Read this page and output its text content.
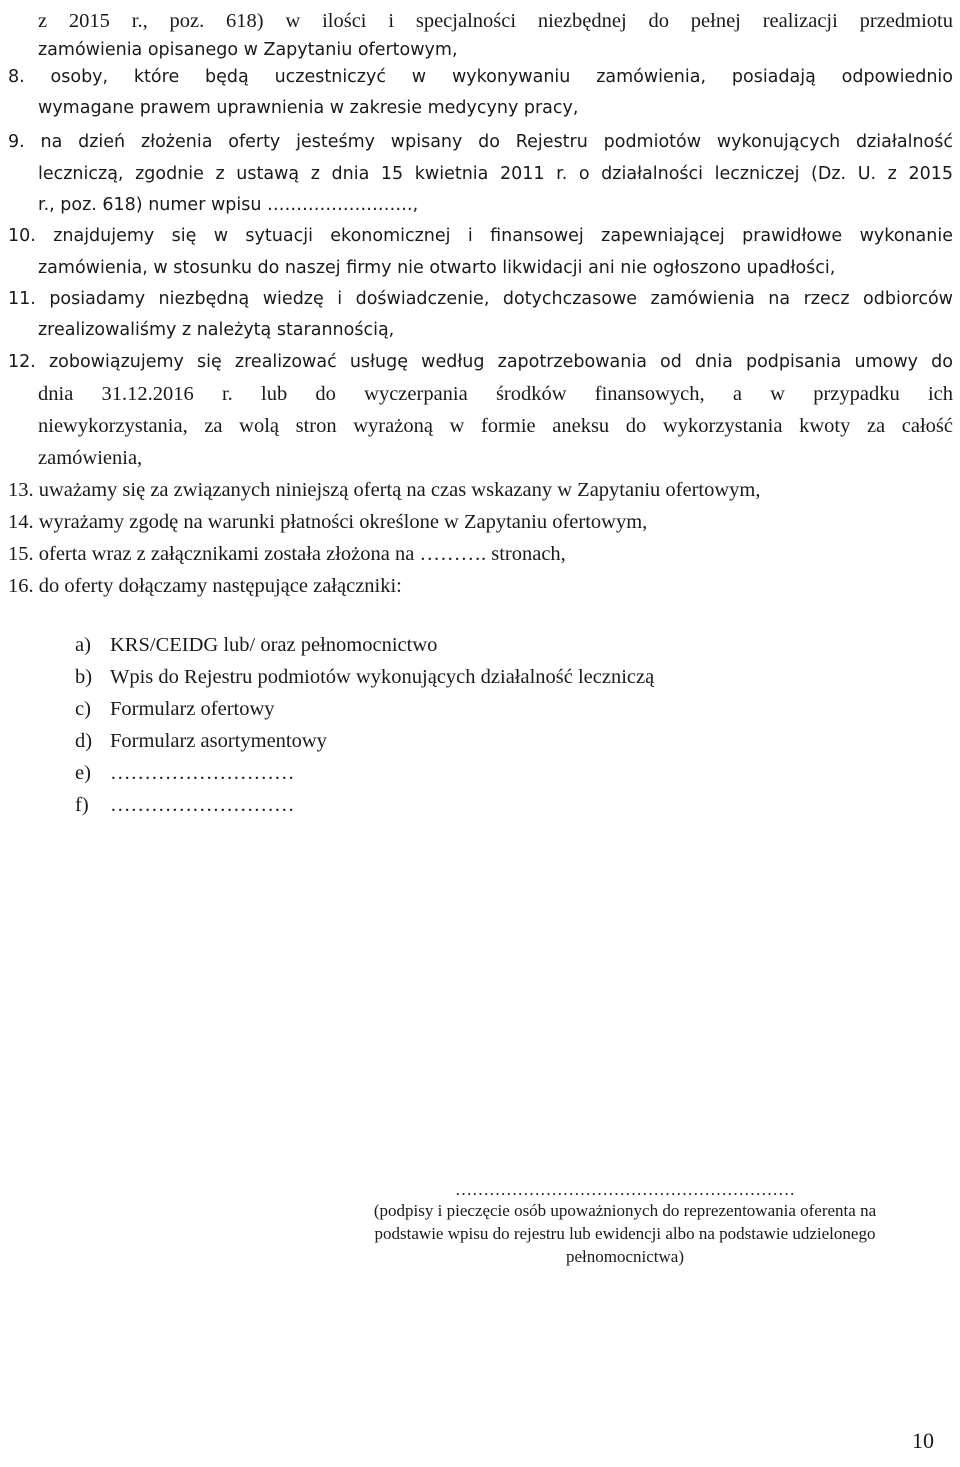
z 2015 r., poz. 618) w ilości i specjalności niezbędnej do pełnej realizacji przedmiotu
zamówienia opisanego w Zapytaniu ofertowym,
8. osoby, które będą uczestniczyć w wykonywaniu zamówienia, posiadają odpowiednio
wymagane prawem uprawnienia w zakresie medycyny pracy,
9. na dzień złożenia oferty jesteśmy wpisany do Rejestru podmiotów wykonujących działalność
leczniczą, zgodnie z ustawą z dnia 15 kwietnia 2011 r. o działalności leczniczej (Dz. U. z 2015
r., poz. 618) numer wpisu …………………….,
10. znajdujemy się w sytuacji ekonomicznej i finansowej zapewniającej prawidłowe wykonanie
zamówienia, w stosunku do naszej firmy nie otwarto likwidacji ani nie ogłoszono upadłości,
11. posiadamy niezbędną wiedzę i doświadczenie, dotychczasowe zamówienia na rzecz odbiorców
zrealizowaliśmy z należytą starannością,
12. zobowiązujemy się zrealizować usługę według zapotrzebowania od dnia podpisania umowy do
dnia 31.12.2016 r. lub do wyczerpania środków finansowych, a w przypadku ich
niewykorzystania, za wolą stron wyrażoną w formie aneksu do wykorzystania kwoty za całość
zamówienia,
13. uważamy się za związanych niniejszą ofertą na czas wskazany w Zapytaniu ofertowym,
14. wyrażamy zgodę na warunki płatności określone w Zapytaniu ofertowym,
15. oferta wraz z załącznikami została złożona na ………. stronach,
16. do oferty dołączamy następujące załączniki:
a) KRS/CEIDG lub/ oraz pełnomocnictwo
b) Wpis do Rejestru podmiotów wykonujących działalność leczniczą
c) Formularz ofertowy
d) Formularz asortymentowy
e) ………………………
f) ………………………
……………………………………………………
(podpisy i pieczęcie osób upoważnionych do reprezentowania oferenta na
podstawie wpisu do rejestru lub ewidencji albo na podstawie udzielonego
pełnomocnictwa)
10
